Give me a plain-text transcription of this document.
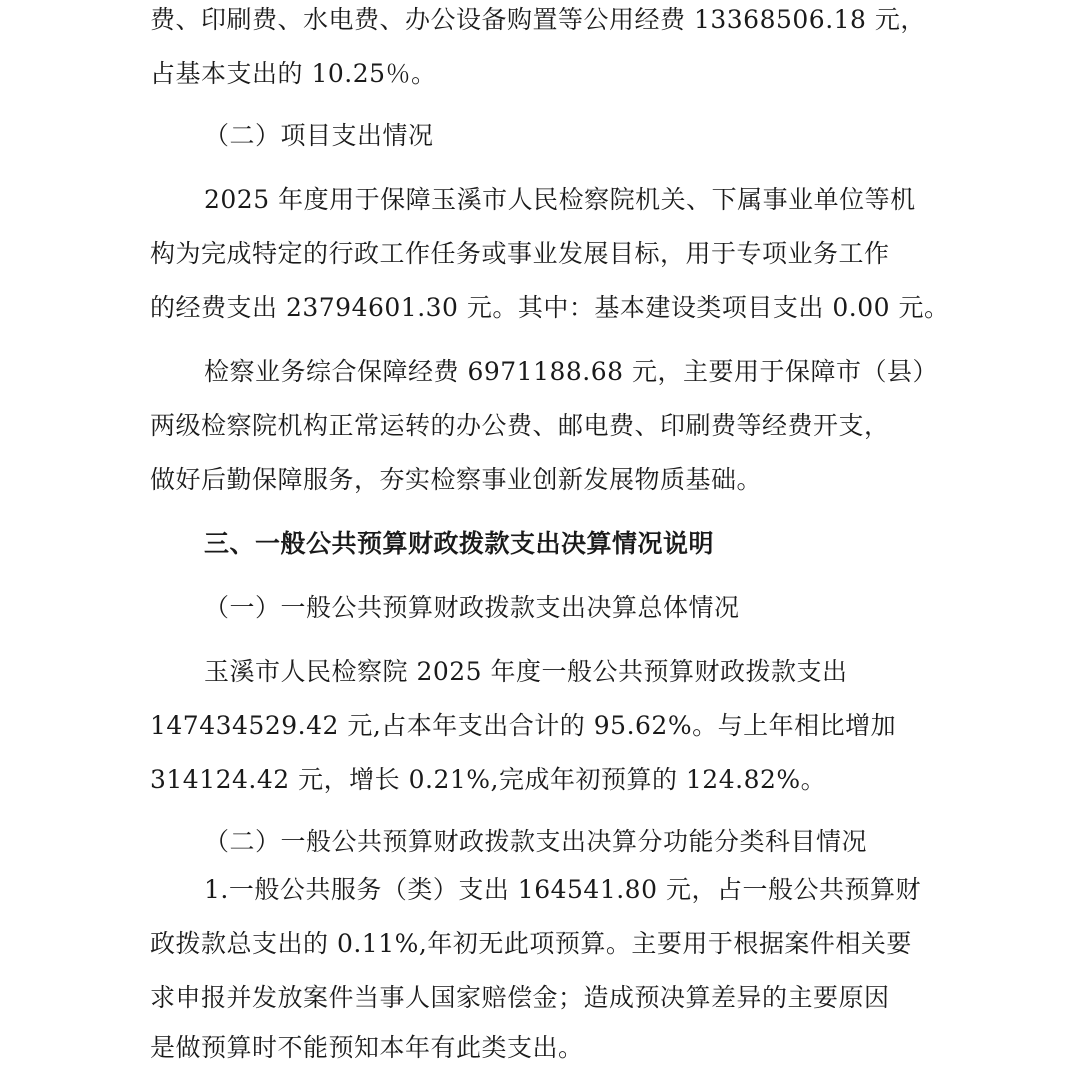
费、印刷费、水电费、办公设备购置等公用经费 13368506.18 元，
占基本支出的 10.25％。
（二）项目支出情况
2025 年度用于保障玉溪市人民检察院机关、下属事业单位等机
构为完成特定的行政工作任务或事业发展目标，用于专项业务工作
的经费支出 23794601.30 元。其中：基本建设类项目支出 0.00 元。
检察业务综合保障经费 6971188.68 元，主要用于保障市（县）
两级检察院机构正常运转的办公费、邮电费、印刷费等经费开支，
做好后勤保障服务，夯实检察事业创新发展物质基础。
三、一般公共预算财政拨款支出决算情况说明
（一）一般公共预算财政拨款支出决算总体情况
玉溪市人民检察院 2025 年度一般公共预算财政拨款支出
147434529.42 元,占本年支出合计的 95.62%。与上年相比增加
314124.42 元，增长 0.21%,完成年初预算的 124.82%。
（二）一般公共预算财政拨款支出决算分功能分类科目情况
1.一般公共服务（类）支出 164541.80 元，占一般公共预算财
政拨款总支出的 0.11%,年初无此项预算。主要用于根据案件相关要
求申报并发放案件当事人国家赔偿金；造成预决算差异的主要原因
是做预算时不能预知本年有此类支出。
